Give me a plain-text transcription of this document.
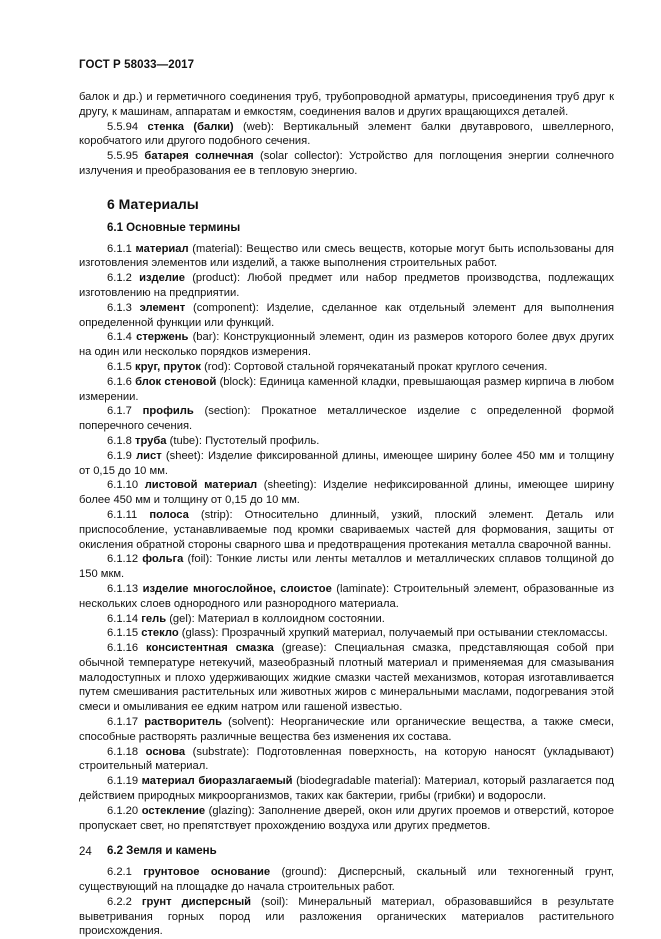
ГОСТ Р 58033—2017

балок и др.) и герметичного соединения труб, трубопроводной арматуры, присоединения труб друг к другу, к машинам, аппаратам и емкостям, соединения валов и других вращающихся деталей.

5.5.94 стенка (балки) (web): Вертикальный элемент балки двутаврового, швеллерного, коробчатого или другого подобного сечения.

5.5.95 батарея солнечная (solar collector): Устройство для поглощения энергии солнечного излучения и преобразования ее в тепловую энергию.

6 Материалы
6.1 Основные термины

6.1.1 материал (material): Вещество или смесь веществ, которые могут быть использованы для изготовления элементов или изделий, а также выполнения строительных работ.

6.1.2 изделие (product): Любой предмет или набор предметов производства, подлежащих изготовлению на предприятии.

6.1.3 элемент (component): Изделие, сделанное как отдельный элемент для выполнения определенной функции или функций.

6.1.4 стержень (bar): Конструкционный элемент, один из размеров которого более двух других на один или несколько порядков измерения.

6.1.5 круг, пруток (rod): Сортовой стальной горячекатаный прокат круглого сечения.

6.1.6 блок стеновой (block): Единица каменной кладки, превышающая размер кирпича в любом измерении.

6.1.7 профиль (section): Прокатное металлическое изделие с определенной формой поперечного сечения.

6.1.8 труба (tube): Пустотелый профиль.

6.1.9 лист (sheet): Изделие фиксированной длины, имеющее ширину более 450 мм и толщину от 0,15 до 10 мм.

6.1.10 листовой материал (sheeting): Изделие нефиксированной длины, имеющее ширину более 450 мм и толщину от 0,15 до 10 мм.

6.1.11 полоса (strip): Относительно длинный, узкий, плоский элемент. Деталь или приспособление, устанавливаемые под кромки свариваемых частей для формования, защиты от окисления обратной стороны сварного шва и предотвращения протекания металла сварочной ванны.

6.1.12 фольга (foil): Тонкие листы или ленты металлов и металлических сплавов толщиной до 150 мкм.

6.1.13 изделие многослойное, слоистое (laminate): Строительный элемент, образованные из нескольких слоев однородного или разнородного материала.

6.1.14 гель (gel): Материал в коллоидном состоянии.

6.1.15 стекло (glass): Прозрачный хрупкий материал, получаемый при остывании стекломассы.

6.1.16 консистентная смазка (grease): Специальная смазка, представляющая собой при обычной температуре нетекучий, мазеобразный плотный материал и применяемая для смазывания малодоступных и плохо удерживающих жидкие смазки частей механизмов, которая изготавливается путем смешивания растительных или животных жиров с минеральными маслами, подогревания этой смеси и омыливания ее едким натром или гашеной известью.

6.1.17 растворитель (solvent): Неорганические или органические вещества, а также смеси, способные растворять различные вещества без изменения их состава.

6.1.18 основа (substrate): Подготовленная поверхность, на которую наносят (укладывают) строительный материал.

6.1.19 материал биоразлагаемый (biodegradable material): Материал, который разлагается под действием природных микроорганизмов, таких как бактерии, грибы (грибки) и водоросли.

6.1.20 остекление (glazing): Заполнение дверей, окон или других проемов и отверстий, которое пропускает свет, но препятствует прохождению воздуха или других предметов.

6.2 Земля и камень

6.2.1 грунтовое основание (ground): Дисперсный, скальный или техногенный грунт, существующий на площадке до начала строительных работ.

6.2.2 грунт дисперсный (soil): Минеральный материал, образовавшийся в результате выветривания горных пород или разложения органических материалов растительного происхождения.

24
